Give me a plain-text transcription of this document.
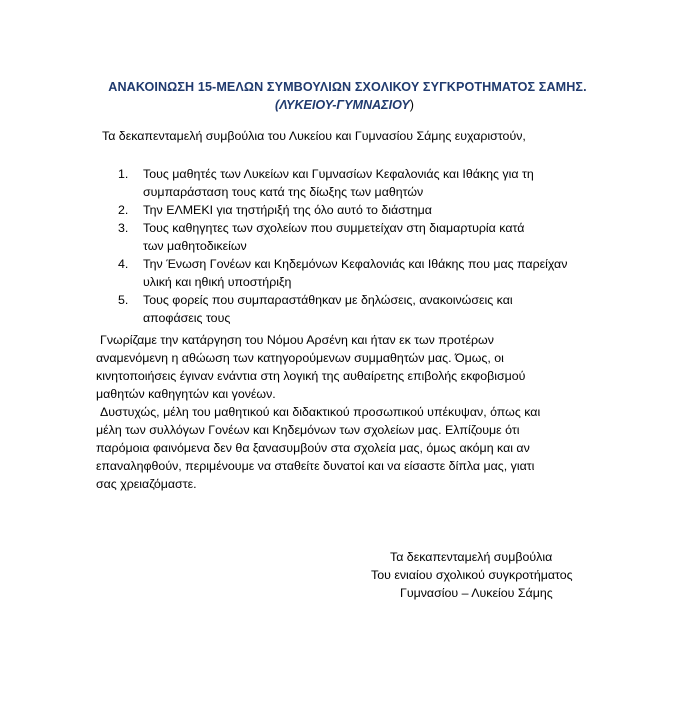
ΑΝΑΚΟΙΝΩΣΗ 15-ΜΕΛΩΝ ΣΥΜΒΟΥΛΙΩΝ ΣΧΟΛΙΚΟΥ ΣΥΓΚΡΟΤΗΜΑΤΟΣ ΣΑΜΗΣ.
(ΛΥΚΕΙΟΥ-ΓΥΜΝΑΣΙΟΥ)
Τα δεκαπενταμελή συμβούλια του Λυκείου και Γυμνασίου Σάμης ευχαριστούν,
1.	Τους μαθητές των Λυκείων και Γυμνασίων Κεφαλονιάς και Ιθάκης για τη
συμπαράσταση τους κατά της δίωξης των μαθητών
2.	Την ΕΛΜΕΚΙ για τηστήριξή της όλο αυτό το διάστημα
3.	Τους καθηγητες των σχολείων που συμμετείχαν στη διαμαρτυρία κατά
των μαθητοδικείων
4.	Την Ένωση Γονέων και Κηδεμόνων Κεφαλονιάς και Ιθάκης που μας παρείχαν
υλική και ηθική υποστήριξη
5.	Τους φορείς που συμπαραστάθηκαν με δηλώσεις, ανακοινώσεις και
αποφάσεις τους
Γνωρίζαμε την κατάργηση του Νόμου Αρσένη και ήταν εκ των προτέρων
αναμενόμενη η αθώωση των κατηγορούμενων συμμαθητών μας. Όμως, οι
κινητοποιήσεις έγιναν ενάντια στη λογική της αυθαίρετης επιβολής εκφοβισμού
μαθητών καθηγητών και γονέων.
Δυστυχώς, μέλη του μαθητικού και διδακτικού προσωπικού υπέκυψαν, όπως και
μέλη των συλλόγων Γονέων και Κηδεμόνων των σχολείων μας. Ελπίζουμε ότι
παρόμοια φαινόμενα δεν θα ξανασυμβούν στα σχολεία μας, όμως ακόμη και αν
επαναληφθούν, περιμένουμε να σταθείτε δυνατοί και να είσαστε δίπλα μας, γιατι
σας χρειαζόμαστε.
Τα δεκαπενταμελή συμβούλια
Του ενιαίου σχολικού συγκροτήματος
Γυμνασίου – Λυκείου Σάμης
